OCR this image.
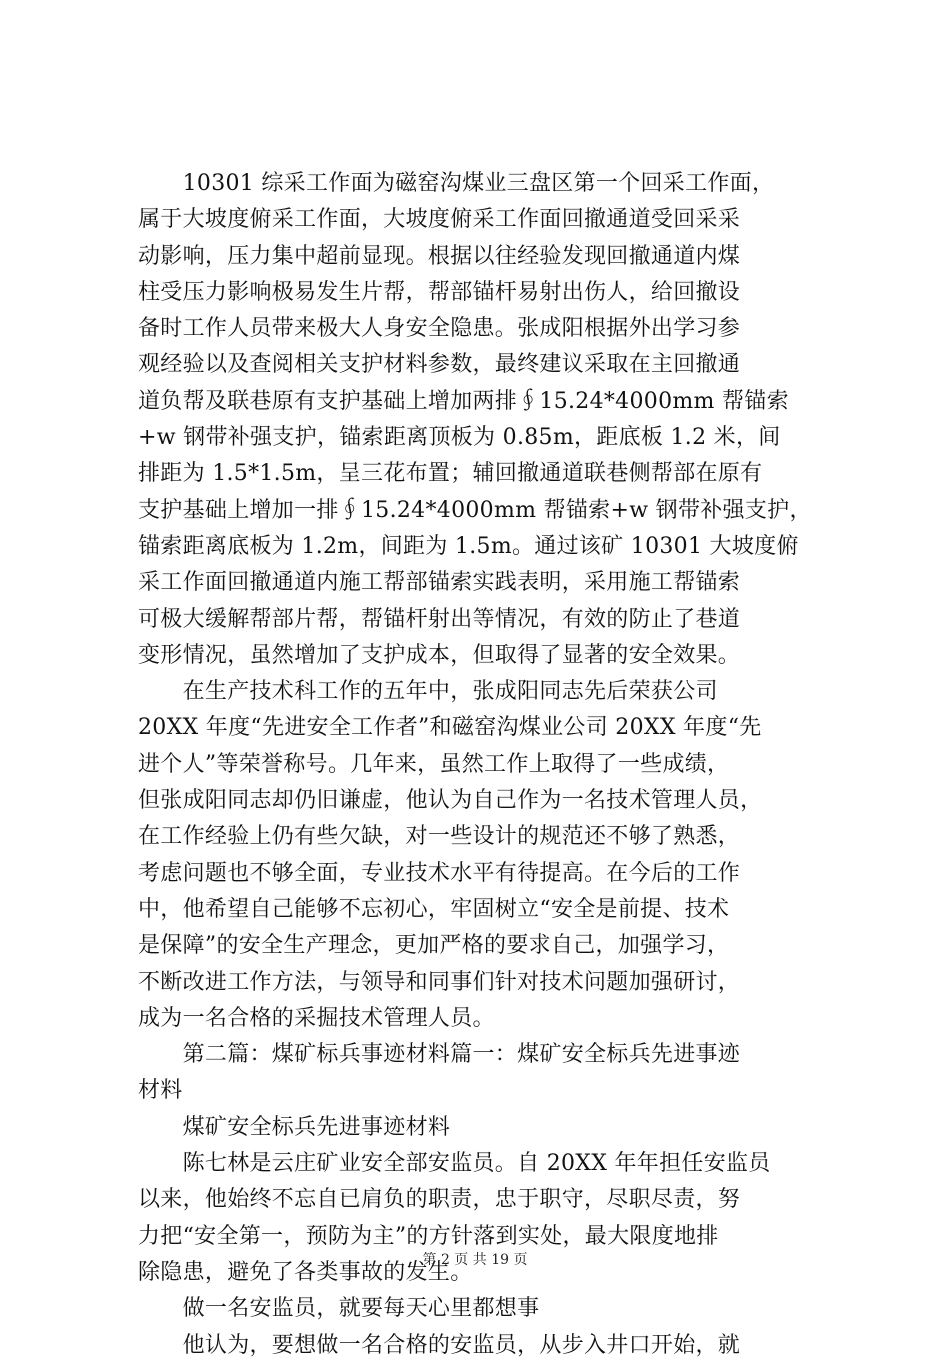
　　10301 综采工作面为磁窑沟煤业三盘区第一个回采工作面，
属于大坡度俯采工作面，大坡度俯采工作面回撤通道受回采采
动影响，压力集中超前显现。根据以往经验发现回撤通道内煤
柱受压力影响极易发生片帮，帮部锚杆易射出伤人，给回撤设
备时工作人员带来极大人身安全隐患。张成阳根据外出学习参
观经验以及查阅相关支护材料参数，最终建议采取在主回撤通
道负帮及联巷原有支护基础上增加两排∮15.24*4000mm 帮锚索
+w 钢带补强支护，锚索距离顶板为 0.85m，距底板 1.2 米，间
排距为 1.5*1.5m，呈三花布置；辅回撤通道联巷侧帮部在原有
支护基础上增加一排∮15.24*4000mm 帮锚索+w 钢带补强支护，
锚索距离底板为 1.2m，间距为 1.5m。通过该矿 10301 大坡度俯
采工作面回撤通道内施工帮部锚索实践表明，采用施工帮锚索
可极大缓解帮部片帮，帮锚杆射出等情况，有效的防止了巷道
变形情况，虽然增加了支护成本，但取得了显著的安全效果。
　　在生产技术科工作的五年中，张成阳同志先后荣获公司
20XX 年度“先进安全工作者”和磁窑沟煤业公司 20XX 年度“先
进个人”等荣誉称号。几年来，虽然工作上取得了一些成绩，
但张成阳同志却仍旧谦虚，他认为自己作为一名技术管理人员，
在工作经验上仍有些欠缺，对一些设计的规范还不够了熟悉，
考虑问题也不够全面，专业技术水平有待提高。在今后的工作
中，他希望自己能够不忘初心，牢固树立“安全是前提、技术
是保障”的安全生产理念，更加严格的要求自己，加强学习，
不断改进工作方法，与领导和同事们针对技术问题加强研讨，
成为一名合格的采掘技术管理人员。
　　第二篇：煤矿标兵事迹材料篇一：煤矿安全标兵先进事迹
材料
　　煤矿安全标兵先进事迹材料
　　陈七林是云庄矿业安全部安监员。自 20XX 年年担任安监员
以来，他始终不忘自已肩负的职责，忠于职守，尽职尽责，努
力把“安全第一，预防为主”的方针落到实处，最大限度地排
除隐患，避免了各类事故的发生。
　　做一名安监员，就要每天心里都想事
　　他认为，要想做一名合格的安监员，从步入井口开始，就
第 2 页 共 19 页
